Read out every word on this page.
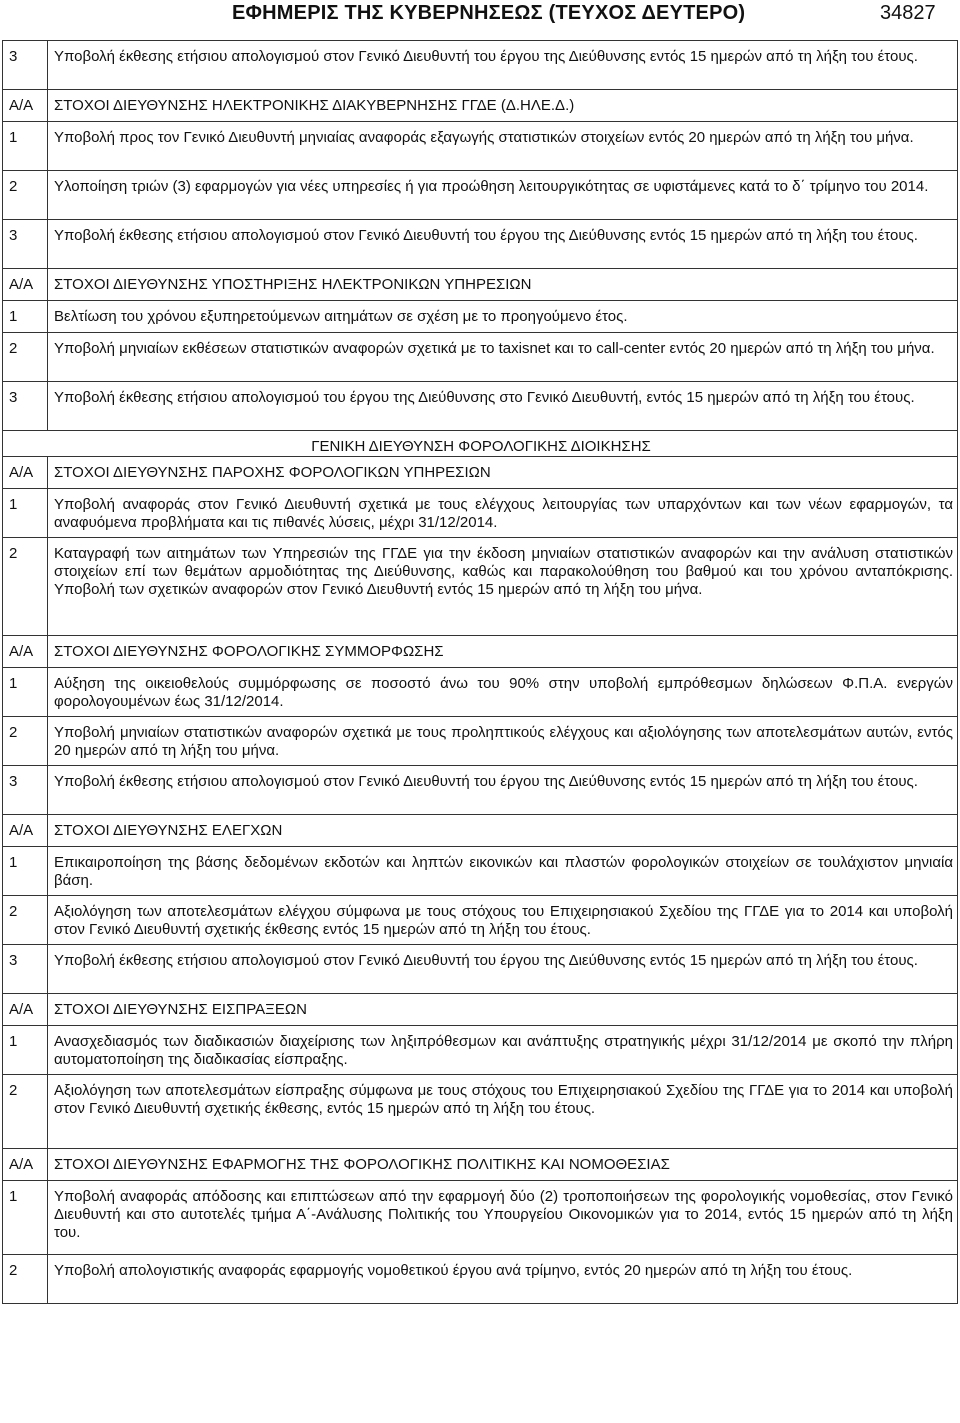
ΕΦΗΜΕΡΙΣ ΤΗΣ ΚΥΒΕΡΝΗΣΕΩΣ (ΤΕΥΧΟΣ ΔΕΥΤΕΡΟ)	34827
3	Υποβολή έκθεσης ετήσιου απολογισμού στον Γενικό Διευθυντή του έργου της Διεύθυνσης εντός 15 ημερών από τη λήξη του έτους.

Α/Α	ΣΤΟΧΟΙ ΔΙΕΥΘΥΝΣΗΣ ΗΛΕΚΤΡΟΝΙΚΗΣ ΔΙΑΚΥΒΕΡΝΗΣΗΣ ΓΓΔΕ (Δ.ΗΛΕ.Δ.)

1	Υποβολή προς τον Γενικό Διευθυντή μηνιαίας αναφοράς εξαγωγής στατιστικών στοιχείων εντός 20 ημερών από τη λήξη του μήνα.

2	Υλοποίηση τριών (3) εφαρμογών για νέες υπηρεσίες ή για προώθηση λειτουργικότητας σε υφιστάμενες κατά το δ΄ τρίμηνο του 2014.

3	Υποβολή έκθεσης ετήσιου απολογισμού στον Γενικό Διευθυντή του έργου της Διεύθυνσης εντός 15 ημερών από τη λήξη του έτους.

Α/Α	ΣΤΟΧΟΙ ΔΙΕΥΘΥΝΣΗΣ ΥΠΟΣΤΗΡΙΞΗΣ ΗΛΕΚΤΡΟΝΙΚΩΝ ΥΠΗΡΕΣΙΩΝ

1	Βελτίωση του χρόνου εξυπηρετούμενων αιτημάτων σε σχέση με το προηγούμενο έτος.

2	Υποβολή μηνιαίων εκθέσεων στατιστικών αναφορών σχετικά με το taxisnet και το call-center εντός 20 ημερών από τη λήξη του μήνα.

3	Υποβολή έκθεσης ετήσιου απολογισμού του έργου της Διεύθυνσης στο Γενικό Διευθυντή, εντός 15 ημερών από τη λήξη του έτους.

ΓΕΝΙΚΗ ΔΙΕΥΘΥΝΣΗ ΦΟΡΟΛΟΓΙΚΗΣ ΔΙΟΙΚΗΣΗΣ	

Α/Α	ΣΤΟΧΟΙ ΔΙΕΥΘΥΝΣΗΣ ΠΑΡΟΧΗΣ ΦΟΡΟΛΟΓΙΚΩΝ ΥΠΗΡΕΣΙΩΝ

1	Υποβολή αναφοράς στον Γενικό Διευθυντή σχετικά με τους ελέγχους λειτουργίας των υπαρχόντων και των νέων εφαρμογών, τα αναφυόμενα προβλήματα και τις πιθανές λύσεις, μέχρι 31/12/2014.

2	Καταγραφή των αιτημάτων των Υπηρεσιών της ΓΓΔΕ για την έκδοση μηνιαίων στατιστικών αναφορών και την ανάλυση στατιστικών στοιχείων επί των θεμάτων αρμοδιότητας της Διεύθυνσης, καθώς και παρακολούθηση του βαθμού και του χρόνου ανταπόκρισης. Υποβολή των σχετικών αναφορών στον Γενικό Διευθυντή εντός 15 ημερών από τη λήξη του μήνα.

Α/Α	ΣΤΟΧΟΙ ΔΙΕΥΘΥΝΣΗΣ ΦΟΡΟΛΟΓΙΚΗΣ ΣΥΜΜΟΡΦΩΣΗΣ

1	Αύξηση της οικειοθελούς συμμόρφωσης σε ποσοστό άνω του 90% στην υποβολή εμπρόθεσμων δηλώσεων Φ.Π.Α. ενεργών φορολογουμένων έως 31/12/2014.

2	Υποβολή μηνιαίων στατιστικών αναφορών σχετικά με τους προληπτικούς ελέγχους και αξιολόγησης των αποτελεσμάτων αυτών, εντός 20 ημερών από τη λήξη του μήνα.

3	Υποβολή έκθεσης ετήσιου απολογισμού στον Γενικό Διευθυντή του έργου της Διεύθυνσης εντός 15 ημερών από τη λήξη του έτους.

Α/Α	ΣΤΟΧΟΙ ΔΙΕΥΘΥΝΣΗΣ ΕΛΕΓΧΩΝ

1	Επικαιροποίηση της βάσης δεδομένων εκδοτών και ληπτών εικονικών και πλαστών φορολογικών στοιχείων σε τουλάχιστον μηνιαία βάση.

2	Αξιολόγηση των αποτελεσμάτων ελέγχου σύμφωνα με τους στόχους του Επιχειρησιακού Σχεδίου της ΓΓΔΕ για το 2014 και υποβολή στον Γενικό Διευθυντή σχετικής έκθεσης εντός 15 ημερών από τη λήξη του έτους.

3	Υποβολή έκθεσης ετήσιου απολογισμού στον Γενικό Διευθυντή του έργου της Διεύθυνσης εντός 15 ημερών από τη λήξη του έτους.

Α/Α	ΣΤΟΧΟΙ ΔΙΕΥΘΥΝΣΗΣ ΕΙΣΠΡΑΞΕΩΝ

1	Ανασχεδιασμός των διαδικασιών διαχείρισης των ληξιπρόθεσμων και ανάπτυξης στρατηγικής μέχρι 31/12/2014 με σκοπό την πλήρη αυτοματοποίηση της διαδικασίας είσπραξης.

2	Αξιολόγηση των αποτελεσμάτων είσπραξης σύμφωνα με τους στόχους του Επιχειρησιακού Σχεδίου της ΓΓΔΕ για το 2014 και υποβολή στον Γενικό Διευθυντή σχετικής έκθεσης, εντός 15 ημερών από τη λήξη του έτους.

Α/Α	ΣΤΟΧΟΙ ΔΙΕΥΘΥΝΣΗΣ ΕΦΑΡΜΟΓΗΣ ΤΗΣ ΦΟΡΟΛΟΓΙΚΗΣ ΠΟΛΙΤΙΚΗΣ ΚΑΙ ΝΟΜΟΘΕΣΙΑΣ

1	Υποβολή αναφοράς απόδοσης και επιπτώσεων από την εφαρμογή δύο (2) τροποποιήσεων της φορολογικής νομοθεσίας, στον Γενικό Διευθυντή και στο αυτοτελές τμήμα Α΄-Ανάλυσης Πολιτικής του Υπουργείου Οικονομικών για το 2014, εντός 15 ημερών από τη λήξη του.

2	Υποβολή απολογιστικής αναφοράς εφαρμογής νομοθετικού έργου ανά τρίμηνο, εντός 20 ημερών από τη λήξη του έτους.
